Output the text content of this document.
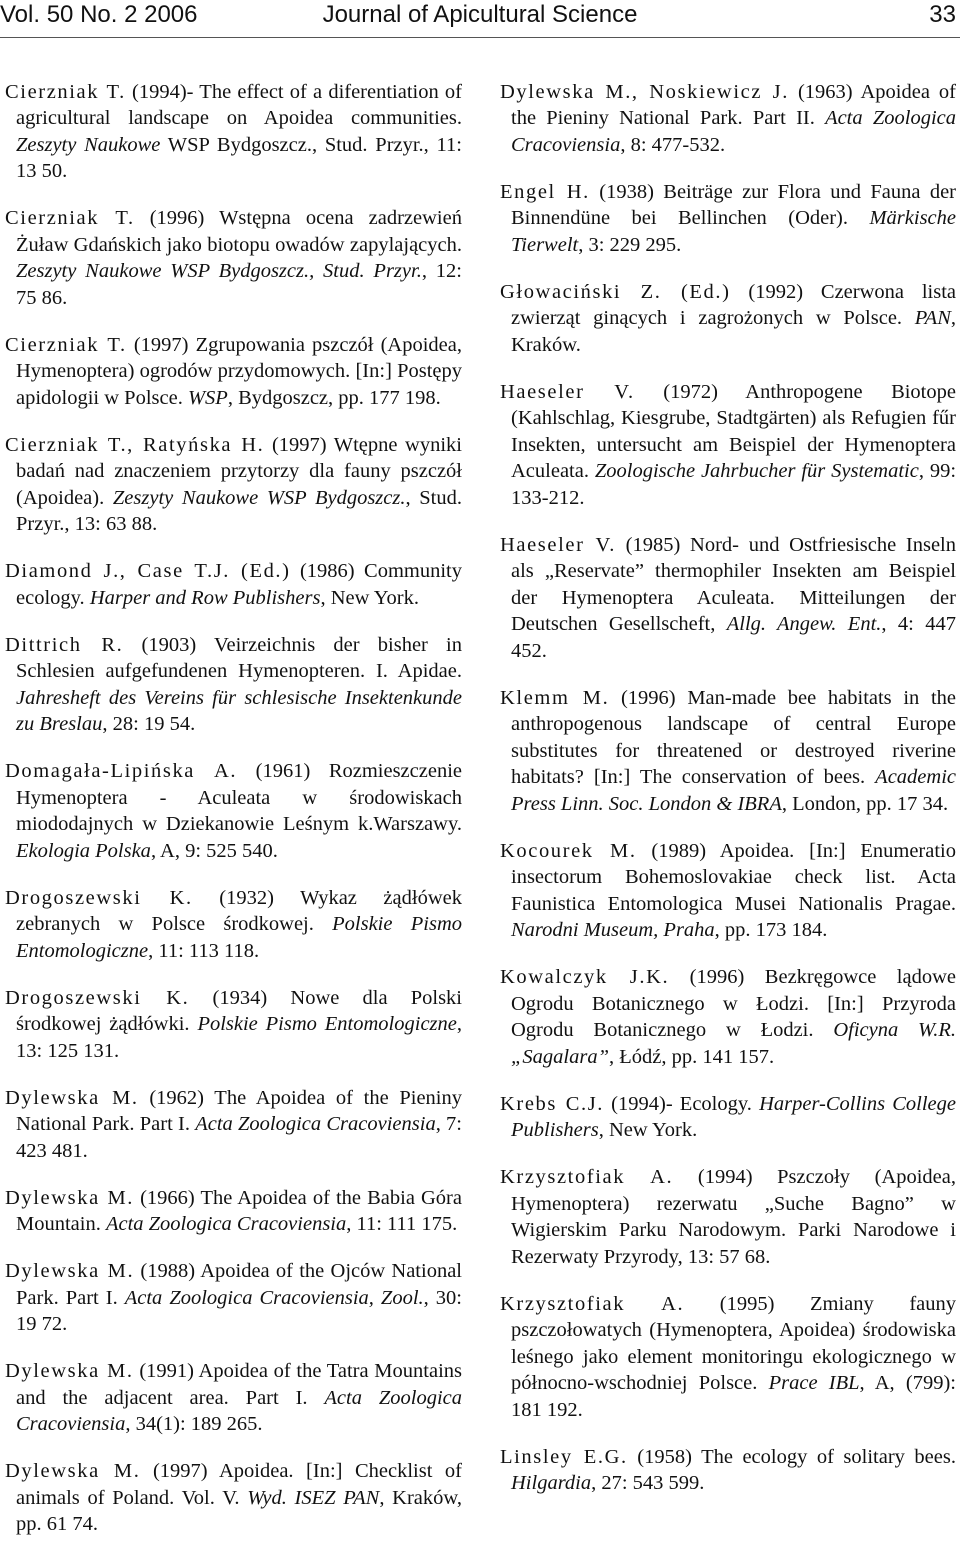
Vol. 50 No. 2 2006	Journal of Apicultural Science	33

Cierzniak T. (1994)- The effect of a diferentiation of agricultural landscape on Apoidea communities. Zeszyty Naukowe WSP Bydgoszcz., Stud. Przyr., 11: 13 50.

Cierzniak T. (1996) Wstępna ocena zadrzewień Żuław Gdańskich jako biotopu owadów zapylających. Zeszyty Naukowe WSP Bydgoszcz., Stud. Przyr., 12: 75 86.

Cierzniak T. (1997) Zgrupowania pszczół (Apoidea, Hymenoptera) ogrodów przydomowych. [In:] Postępy apidologii w Polsce. WSP, Bydgoszcz, pp. 177 198.

Cierzniak T., Ratyńska H. (1997) Wtępne wyniki badań nad znaczeniem przytorzy dla fauny pszczół (Apoidea). Zeszyty Naukowe WSP Bydgoszcz., Stud. Przyr., 13: 63 88.

Diamond J., Case T.J. (Ed.) (1986) Community ecology. Harper and Row Publishers, New York.

Dittrich R. (1903) Veirzeichnis der bisher in Schlesien aufgefundenen Hymenopteren. I. Apidae. Jahresheft des Vereins für schlesische Insektenkunde zu Breslau, 28: 19 54.

Domagała-Lipińska A. (1961) Rozmieszczenie Hymenoptera - Aculeata w środowiskach miododajnych w Dziekanowie Leśnym k.Warszawy. Ekologia Polska, A, 9: 525 540.

Drogoszewski K. (1932) Wykaz żądłówek zebranych w Polsce środkowej. Polskie Pismo Entomologiczne, 11: 113 118.

Drogoszewski K. (1934) Nowe dla Polski środkowej żądłówki. Polskie Pismo Entomologiczne, 13: 125 131.

Dylewska M. (1962) The Apoidea of the Pieniny National Park. Part I. Acta Zoologica Cracoviensia, 7: 423 481.

Dylewska M. (1966) The Apoidea of the Babia Góra Mountain. Acta Zoologica Cracoviensia, 11: 111 175.

Dylewska M. (1988) Apoidea of the Ojców National Park. Part I. Acta Zoologica Cracoviensia, Zool., 30: 19 72.

Dylewska M. (1991) Apoidea of the Tatra Mountains and the adjacent area. Part I. Acta Zoologica Cracoviensia, 34(1): 189 265.

Dylewska M. (1997) Apoidea. [In:] Checklist of animals of Poland. Vol. V. Wyd. ISEZ PAN, Kraków, pp. 61 74.

Dylewska M., Noskiewicz J. (1963) Apoidea of the Pieniny National Park. Part II. Acta Zoologica Cracoviensia, 8: 477-532.

Engel H. (1938) Beiträge zur Flora und Fauna der Binnendüne bei Bellinchen (Oder). Märkische Tierwelt, 3: 229 295.

Głowaciński Z. (Ed.) (1992) Czerwona lista zwierząt ginących i zagrożonych w Polsce. PAN, Kraków.

Haeseler V. (1972) Anthropogene Biotope (Kahlschlag, Kiesgrube, Stadtgärten) als Refugien fűr Insekten, untersucht am Beispiel der Hymenoptera Aculeata. Zoologische Jahrbucher für Systematic, 99: 133-212.

Haeseler V. (1985) Nord- und Ostfriesische Inseln als „Reservate” thermophiler Insekten am Beispiel der Hymenoptera Aculeata. Mitteilungen der Deutschen Gesellscheft, Allg. Angew. Ent., 4: 447 452.

Klemm M. (1996) Man-made bee habitats in the anthropogenous landscape of central Europe substitutes for threatened or destroyed riverine habitats? [In:] The conservation of bees. Academic Press Linn. Soc. London & IBRA, London, pp. 17 34.

Kocourek M. (1989) Apoidea. [In:] Enumeratio insectorum Bohemoslovakiae check list. Acta Faunistica Entomologica Musei Nationalis Pragae. Narodni Museum, Praha, pp. 173 184.

Kowalczyk J.K. (1996) Bezkręgowce lądowe Ogrodu Botanicznego w Łodzi. [In:] Przyroda Ogrodu Botanicznego w Łodzi. Oficyna W.R. „Sagalara”, Łódź, pp. 141 157.

Krebs C.J. (1994)- Ecology. Harper-Collins College Publishers, New York.

Krzysztofiak A. (1994) Pszczoły (Apoidea, Hymenoptera) rezerwatu „Suche Bagno” w Wigierskim Parku Narodowym. Parki Narodowe i Rezerwaty Przyrody, 13: 57 68.

Krzysztofiak A. (1995) Zmiany fauny pszczołowatych (Hymenoptera, Apoidea) środowiska leśnego jako element monitoringu ekologicznego w północno-wschodniej Polsce. Prace IBL, A, (799): 181 192.

Linsley E.G. (1958) The ecology of solitary bees. Hilgardia, 27: 543 599.
